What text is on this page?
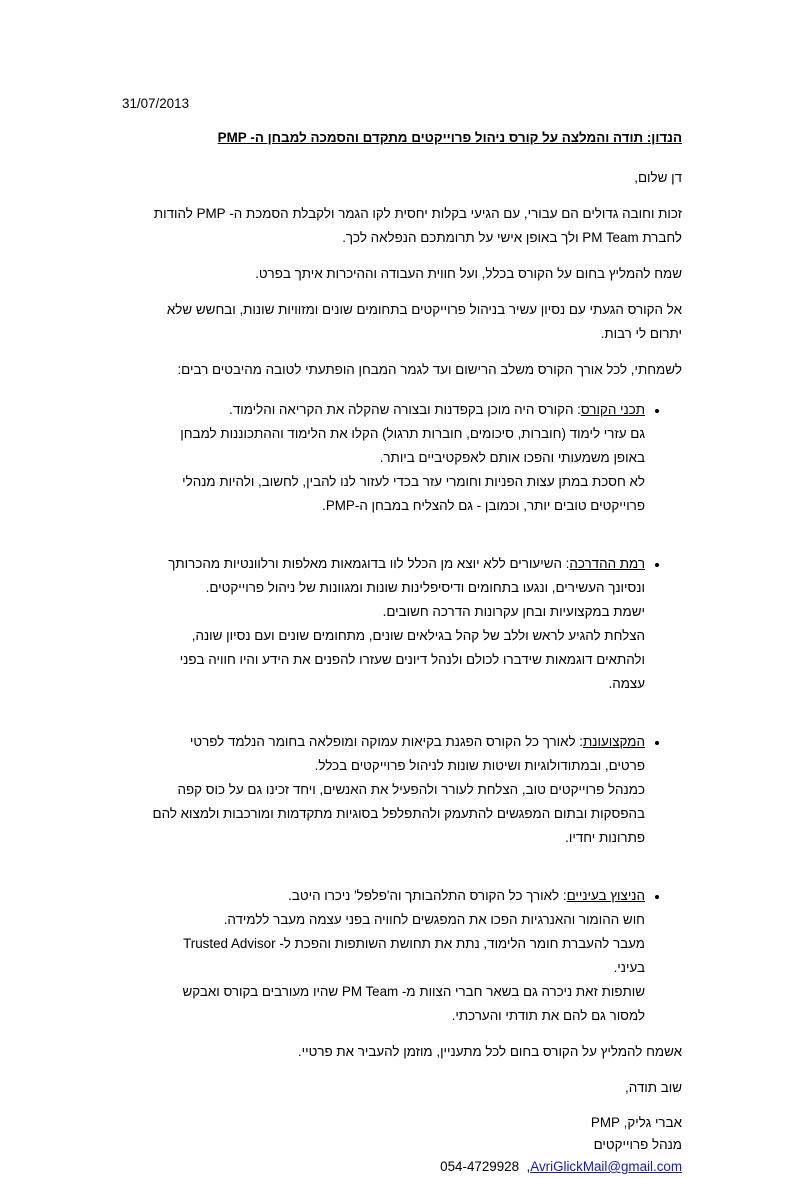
31/07/2013

הנדון: תודה והמלצה על קורס ניהול פרוייקטים מתקדם והסמכה למבחן ה- PMP

דן שלום,

זכות וחובה גדולים הם עבורי, עם הגיעי בקלות יחסית לקו הגמר ולקבלת הסמכת ה- PMP להודות

לחברת PM Team ולך באופן אישי על תרומתכם הנפלאה לכך.

שמח להמליץ בחום על הקורס בכלל, ועל חווית העבודה וההיכרות איתך בפרט.

אל הקורס הגעתי עם נסיון עשיר בניהול פרוייקטים בתחומים שונים ומזוויות שונות, ובחשש שלא

יתרום לי רבות.

לשמחתי, לכל אורך הקורס משלב הרישום ועד לגמר המבחן הופתעתי לטובה מהיבטים רבים:

• תכני הקורס: הקורס היה מוכן בקפדנות ובצורה שהקלה את הקריאה והלימוד.
גם עזרי לימוד (חוברות, סיכומים, חוברות תרגול) הקלו את הלימוד וההתכוננות למבחן
באופן משמעותי והפכו אותם לאפקטיביים ביותר.
לא חסכת במתן עצות הפניות וחומרי עזר בכדי לעזור לנו להבין, לחשוב, ולהיות מנהלי
פרוייקטים טובים יותר, וכמובן - גם להצליח במבחן ה-PMP.
• רמת ההדרכה: השיעורים ללא יוצא מן הכלל לוו בדוגמאות מאלפות ורלוונטיות מהכרותך
ונסיונך העשירים, ונגעו בתחומים ודיסיפלינות שונות ומגוונות של ניהול פרוייקטים.
ישמת במקצועיות ובחן עקרונות הדרכה חשובים.
הצלחת להגיע לראש וללב של קהל בגילאים שונים, מתחומים שונים ועם נסיון שונה,
ולהתאים דוגמאות שידברו לכולם ולנהל דיונים שעזרו להפנים את הידע והיו חוויה בפני
עצמה.
• המקצועונת: לאורך כל הקורס הפגנת בקיאות עמוקה ומופלאה בחומר הנלמד לפרטי
פרטים, ובמתודולוגיות ושיטות שונות לניהול פרוייקטים בכלל.
כמנהל פרוייקטים טוב, הצלחת לעורר ולהפעיל את האנשים, ויחד זכינו גם על כוס קפה
בהפסקות ובתום המפגשים להתעמק ולהתפלפל בסוגיות מתקדמות ומורכבות ולמצוא להם
פתרונות יחדיו.
• הניצוץ בעיניים: לאורך כל הקורס התלהבותך וה'פלפל' ניכרו היטב.
חוש ההומור והאנרגיות הפכו את המפגשים לחוויה בפני עצמה מעבר ללמידה.
מעבר להעברת חומר הלימוד, נתת את תחושת השותפות והפכת ל- Trusted Advisor
בעיני.
שותפות זאת ניכרה גם בשאר חברי הצוות מ- PM Team שהיו מעורבים בקורס ואבקש
למסור גם להם את תודתי והערכתי.

אשמח להמליץ על הקורס בחום לכל מתעניין, מוזמן להעביר את פרטיי.

שוב תודה,

אברי גליק, PMP

מנהל פרוייקטים

054-4729928  ,AvriGlickMail@gmail.com
